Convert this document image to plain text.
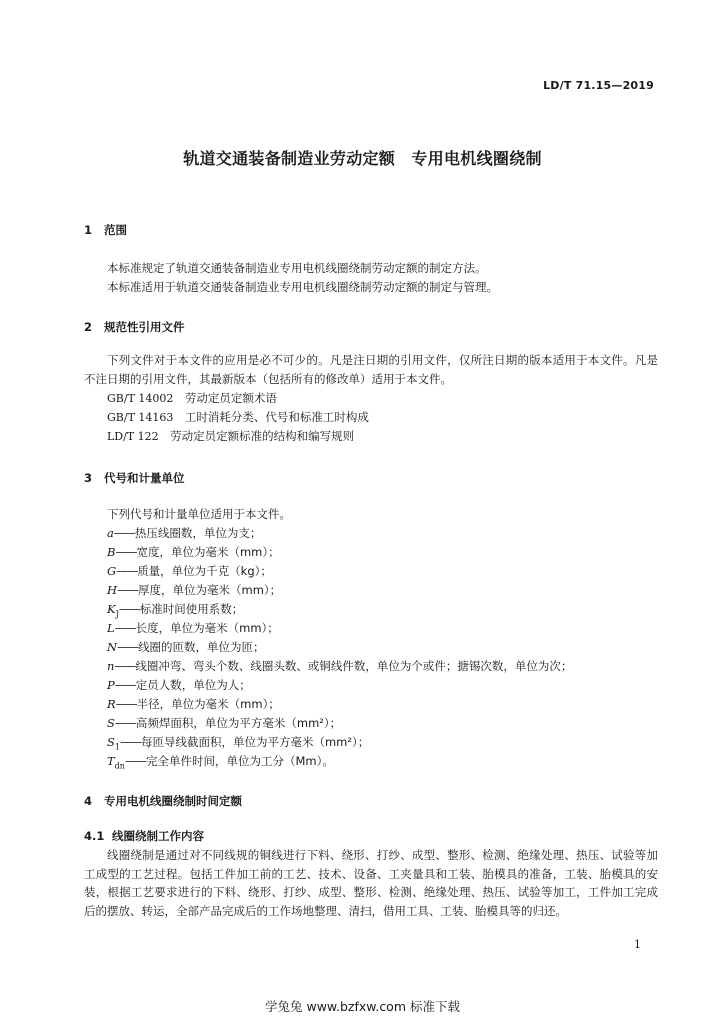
LD/T 71.15—2019
轨道交通装备制造业劳动定额　专用电机线圈绕制
1 范围
本标准规定了轨道交通装备制造业专用电机线圈绕制劳动定额的制定方法。
本标准适用于轨道交通装备制造业专用电机线圈绕制劳动定额的制定与管理。
2 规范性引用文件
下列文件对于本文件的应用是必不可少的。凡是注日期的引用文件，仅所注日期的版本适用于本文件。凡是不注日期的引用文件，其最新版本（包括所有的修改单）适用于本文件。
GB/T 14002　 劳动定员定额术语
GB/T 14163　 工时消耗分类、代号和标准工时构成
LD/T 122　 劳动定员定额标准的结构和编写规则
3 代号和计量单位
下列代号和计量单位适用于本文件。
a——热压线圈数，单位为支；
B——宽度，单位为毫米（mm）；
G——质量，单位为千克（kg）；
H——厚度，单位为毫米（mm）；
$K_J——$标准时间使用系数；
L——长度，单位为毫米（mm）；
N——线圈的匝数，单位为匝；
n——线圈冲弯、弯头个数、线圈头数、或铜线件数，单位为个或件；搪锡次数，单位为次；
P——定员人数，单位为人；
R——半径，单位为毫米（mm）；
S——高频焊面积，单位为平方毫米（mm²）；
$S_1——$每匝导线截面积，单位为平方毫米（mm²）；
$T_{dn}——$完全单件时间，单位为工分（Mm）。
4 专用电机线圈绕制时间定额
4.1 线圈绕制工作内容
线圈绕制是通过对不同线规的铜线进行下料、绕形、打纱、成型、整形、检测、绝缘处理、热压、试验等加工成型的工艺过程。包括工件加工前的工艺、技术、设备、工夹量具和工装、胎模具的准备，工装、胎模具的安装，根据工艺要求进行的下料、绕形、打纱、成型、整形、检测、绝缘处理、热压、试验等加工，工件加工完成后的摆放、转运，全部产品完成后的工作场地整理、清扫，借用工具、工装、胎模具等的归还。
1
学兔兔 www.bzfxw.com 标准下载
